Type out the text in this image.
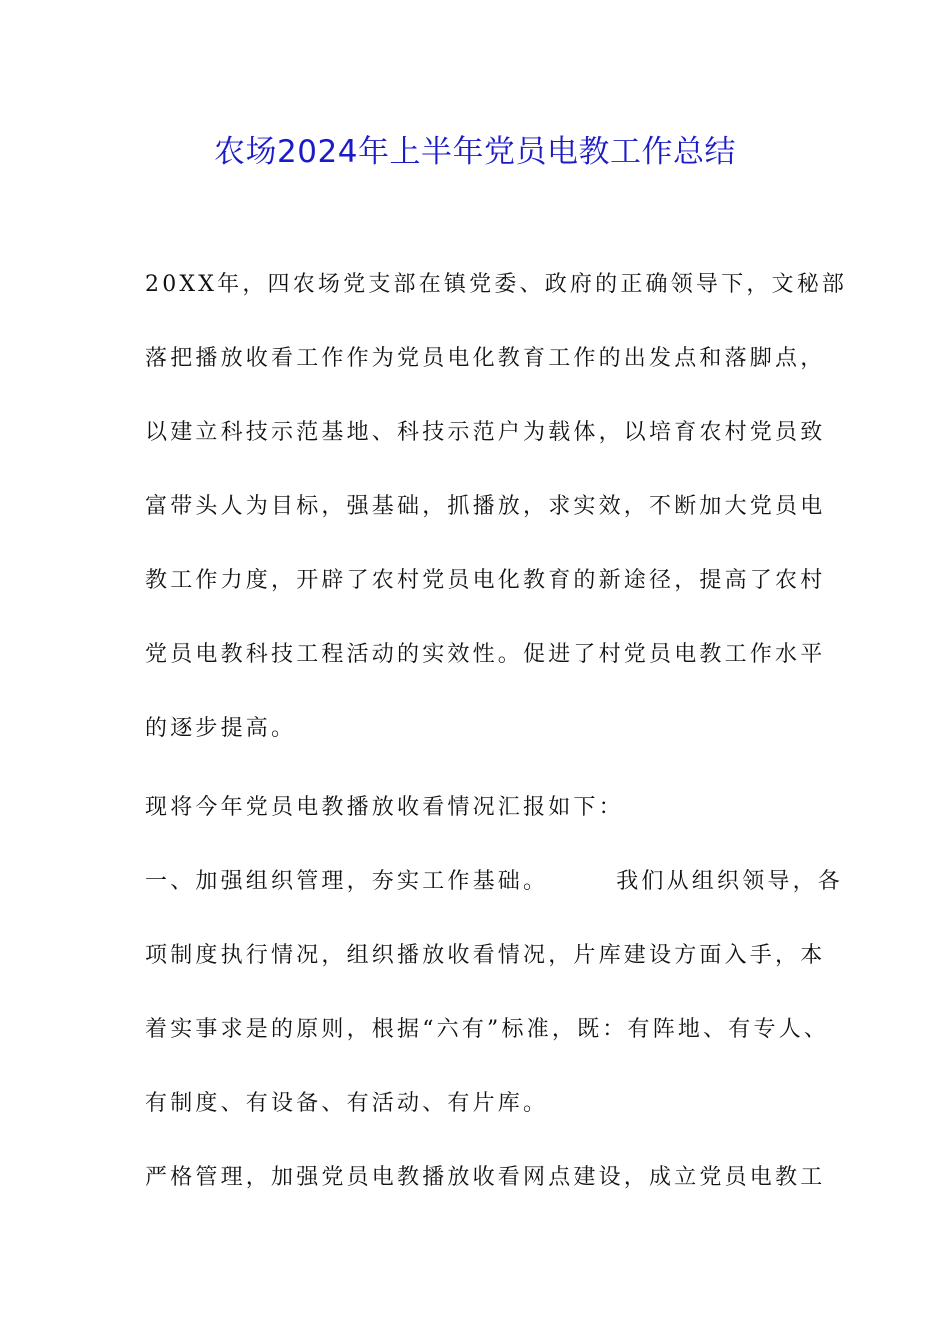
农场2024年上半年党员电教工作总结
20XX年，四农场党支部在镇党委、政府的正确领导下，文秘部
落把播放收看工作作为党员电化教育工作的出发点和落脚点，
以建立科技示范基地、科技示范户为载体，以培育农村党员致
富带头人为目标，强基础，抓播放，求实效，不断加大党员电
教工作力度，开辟了农村党员电化教育的新途径，提高了农村
党员电教科技工程活动的实效性。促进了村党员电教工作水平
的逐步提高。
现将今年党员电教播放收看情况汇报如下：
一、加强组织管理，夯实工作基础。	我们从组织领导，各
项制度执行情况，组织播放收看情况，片库建设方面入手，本
着实事求是的原则，根据“六有”标准，既：有阵地、有专人、
有制度、有设备、有活动、有片库。
严格管理，加强党员电教播放收看网点建设，成立党员电教工
